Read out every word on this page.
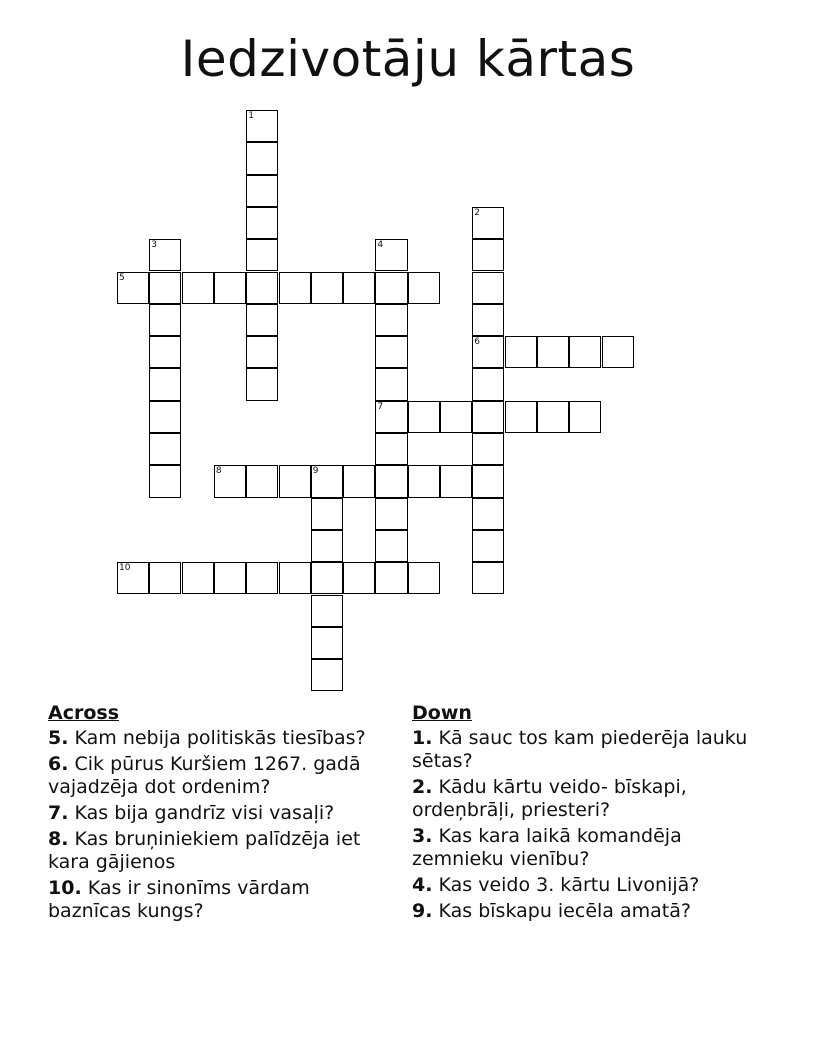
Iedzivotāju kārtas
5
6
7
8	9
10
1
2
3	4
Across
5. Kam nebija politiskās tiesības?
6. Cik pūrus Kuršiem 1267. gadā vajadzēja dot ordenim?
7. Kas bija gandrīz visi vasaļi?
8. Kas bruņiniekiem palīdzēja iet kara gājienos
10. Kas ir sinonīms vārdam baznīcas kungs?
Down
1. Kā sauc tos kam piederēja lauku sētas?
2. Kādu kārtu veido- bīskapi, ordeņbrāļi, priesteri?
3. Kas kara laikā komandēja zemnieku vienību?
4. Kas veido 3. kārtu Livonijā?
9. Kas bīskapu iecēla amatā?
